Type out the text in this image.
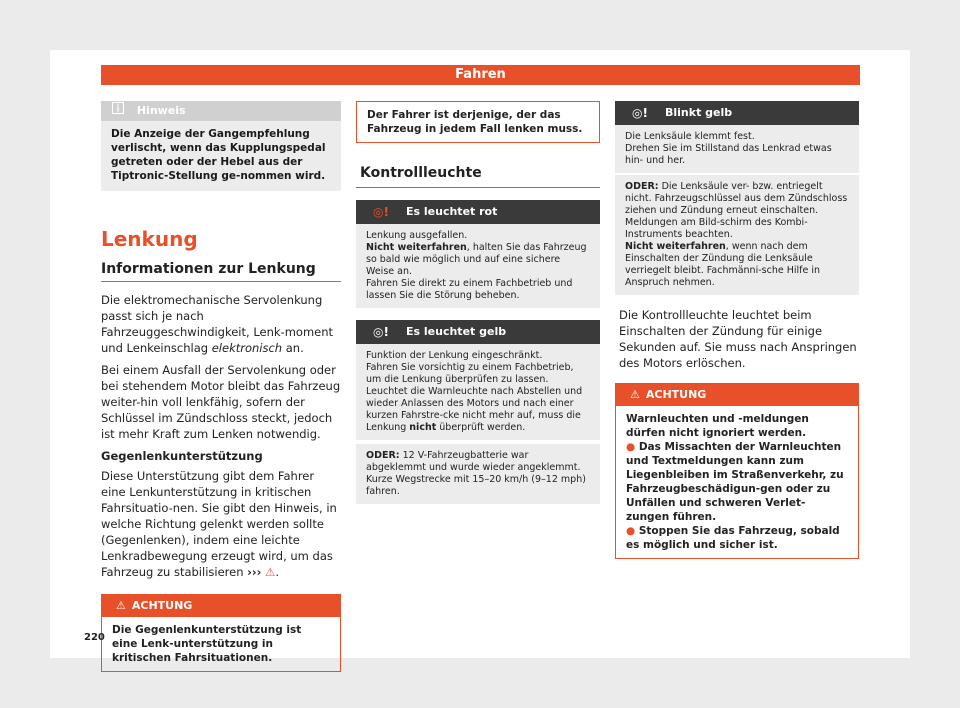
Fahren
Hinweis
Die Anzeige der Gangempfehlung verlischt, wenn das Kupplungspedal getreten oder der Hebel aus der Tiptronic-Stellung ge-nommen wird.
Lenkung
Informationen zur Lenkung

Die elektromechanische Servolenkung passt sich je nach Fahrzeuggeschwindigkeit, Lenk-moment und Lenkeinschlag elektronisch an.

Bei einem Ausfall der Servolenkung oder bei stehendem Motor bleibt das Fahrzeug weiter-hin voll lenkfähig, sofern der Schlüssel im Zündschloss steckt, jedoch ist mehr Kraft zum Lenken notwendig.

Gegenlenkunterstützung

Diese Unterstützung gibt dem Fahrer eine Lenkunterstützung in kritischen Fahrsituatio-nen. Sie gibt den Hinweis, in welche Richtung gelenkt werden sollte (Gegenlenken), indem eine leichte Lenkradbewegung erzeugt wird, um das Fahrzeug zu stabilisieren ››› ⚠.

⚠ ACHTUNG
Die Gegenlenkunterstützung ist eine Lenk-unterstützung in kritischen Fahrsituationen.
Der Fahrer ist derjenige, der das Fahrzeug in jedem Fall lenken muss.
Kontrollleuchte
◎!	Es leuchtet rot
Lenkung ausgefallen.
Nicht weiterfahren, halten Sie das Fahrzeug so bald wie möglich und auf eine sichere Weise an.
Fahren Sie direkt zu einem Fachbetrieb und lassen Sie die Störung beheben.
◎!	Es leuchtet gelb
Funktion der Lenkung eingeschränkt.
Fahren Sie vorsichtig zu einem Fachbetrieb, um die Lenkung überprüfen zu lassen.
Leuchtet die Warnleuchte nach Abstellen und wieder Anlassen des Motors und nach einer kurzen Fahrstre-cke nicht mehr auf, muss die Lenkung nicht überprüft werden.
ODER: 12 V-Fahrzeugbatterie war abgeklemmt und wurde wieder angeklemmt.
Kurze Wegstrecke mit 15–20 km/h (9–12 mph) fahren.
◎!	Blinkt gelb
Die Lenksäule klemmt fest.
Drehen Sie im Stillstand das Lenkrad etwas hin- und her.
ODER: Die Lenksäule ver- bzw. entriegelt nicht. Fahrzeugschlüssel aus dem Zündschloss ziehen und Zündung erneut einschalten. Meldungen am Bild-schirm des Kombi-Instruments beachten.
Nicht weiterfahren, wenn nach dem Einschalten der Zündung die Lenksäule verriegelt bleibt. Fachmänni-sche Hilfe in Anspruch nehmen.

Die Kontrollleuchte leuchtet beim Einschalten der Zündung für einige Sekunden auf. Sie muss nach Anspringen des Motors erlöschen.

⚠ ACHTUNG
Warnleuchten und -meldungen dürfen nicht ignoriert werden.
● Das Missachten der Warnleuchten und Textmeldungen kann zum Liegenbleiben im Straßenverkehr, zu Fahrzeugbeschädigun-gen oder zu Unfällen und schweren Verlet-zungen führen.
● Stoppen Sie das Fahrzeug, sobald es möglich und sicher ist.
220
